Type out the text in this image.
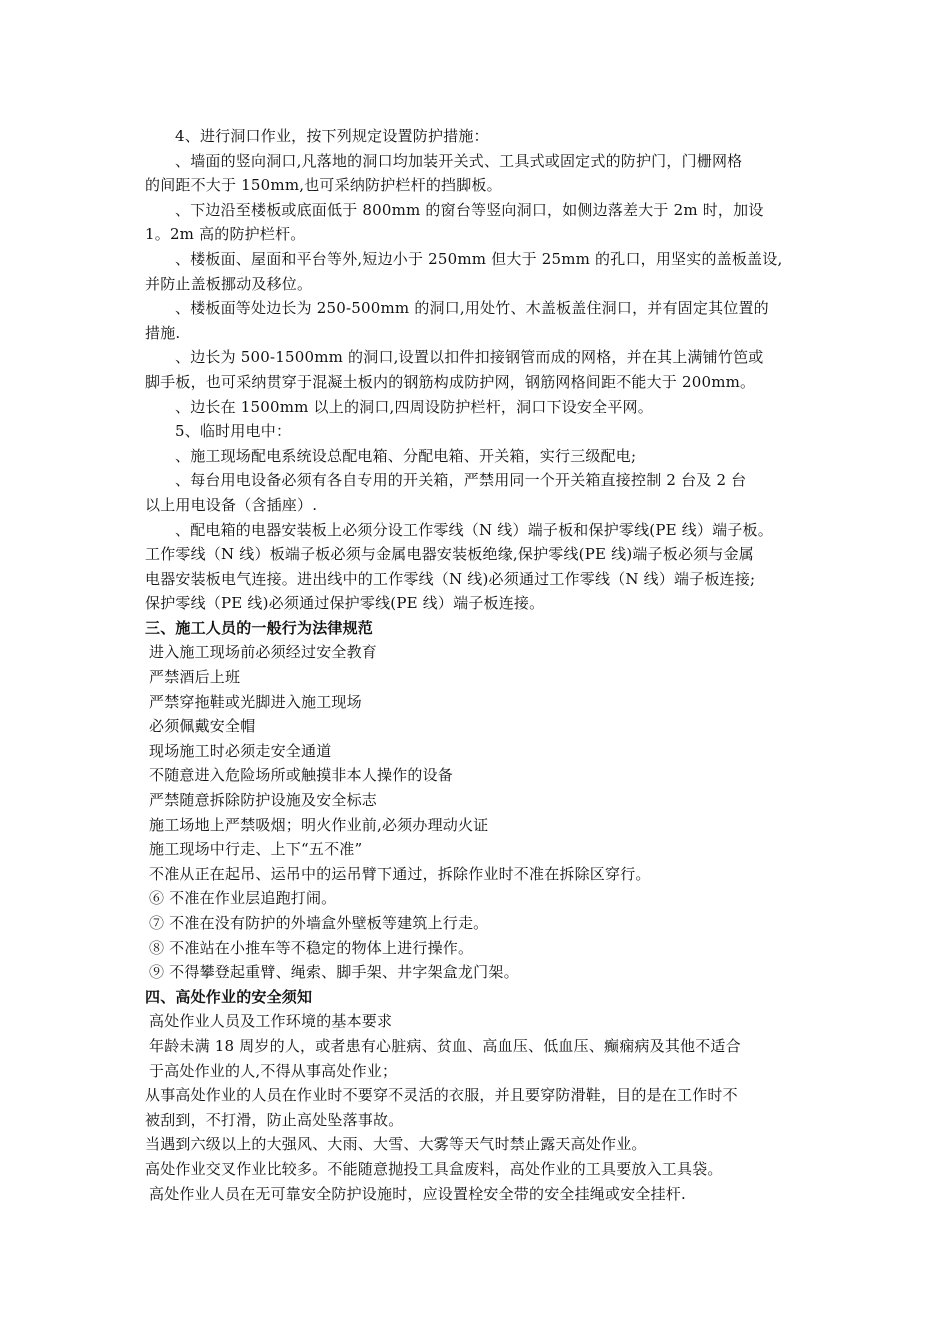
4、进行洞口作业，按下列规定设置防护措施：
、墙面的竖向洞口,凡落地的洞口均加装开关式、工具式或固定式的防护门，门栅网格
的间距不大于 150mm,也可采纳防护栏杆的挡脚板。
、下边沿至楼板或底面低于 800mm 的窗台等竖向洞口，如侧边落差大于 2m 时，加设
1。2m 高的防护栏杆。
、楼板面、屋面和平台等外,短边小于 250mm 但大于 25mm 的孔口，用坚实的盖板盖设,
并防止盖板挪动及移位。
、楼板面等处边长为 250-500mm 的洞口,用处竹、木盖板盖住洞口，并有固定其位置的
措施.
、边长为 500-1500mm 的洞口,设置以扣件扣接钢管而成的网格，并在其上满铺竹笆或
脚手板，也可采纳贯穿于混凝土板内的钢筋构成防护网，钢筋网格间距不能大于 200mm。
、边长在 1500mm 以上的洞口,四周设防护栏杆，洞口下设安全平网。
5、临时用电中：
、施工现场配电系统设总配电箱、分配电箱、开关箱，实行三级配电;
、每台用电设备必须有各自专用的开关箱，严禁用同一个开关箱直接控制 2 台及 2 台
以上用电设备（含插座）.
、配电箱的电器安装板上必须分设工作零线（N 线）端子板和保护零线(PE 线）端子板。
工作零线（N 线）板端子板必须与金属电器安装板绝缘,保护零线(PE 线)端子板必须与金属
电器安装板电气连接。进出线中的工作零线（N 线)必须通过工作零线（N 线）端子板连接;
保护零线（PE 线)必须通过保护零线(PE 线）端子板连接。
三、施工人员的一般行为法律规范
进入施工现场前必须经过安全教育
严禁酒后上班
严禁穿拖鞋或光脚进入施工现场
必须佩戴安全帽
现场施工时必须走安全通道
不随意进入危险场所或触摸非本人操作的设备
严禁随意拆除防护设施及安全标志
施工场地上严禁吸烟；明火作业前,必须办理动火证
施工现场中行走、上下“五不准”
不准从正在起吊、运吊中的运吊臂下通过，拆除作业时不准在拆除区穿行。
⑥ 不准在作业层追跑打闹。
⑦ 不准在没有防护的外墙盒外壁板等建筑上行走。
⑧ 不准站在小推车等不稳定的物体上进行操作。
⑨ 不得攀登起重臂、绳索、脚手架、井字架盒龙门架。
四、高处作业的安全须知
高处作业人员及工作环境的基本要求
年龄未满 18 周岁的人，或者患有心脏病、贫血、高血压、低血压、癫痫病及其他不适合
于高处作业的人,不得从事高处作业；
从事高处作业的人员在作业时不要穿不灵活的衣服，并且要穿防滑鞋，目的是在工作时不
被刮到，不打滑，防止高处坠落事故。
当遇到六级以上的大强风、大雨、大雪、大雾等天气时禁止露天高处作业。
高处作业交叉作业比较多。不能随意抛投工具盒废料，高处作业的工具要放入工具袋。
高处作业人员在无可靠安全防护设施时，应设置栓安全带的安全挂绳或安全挂杆.
